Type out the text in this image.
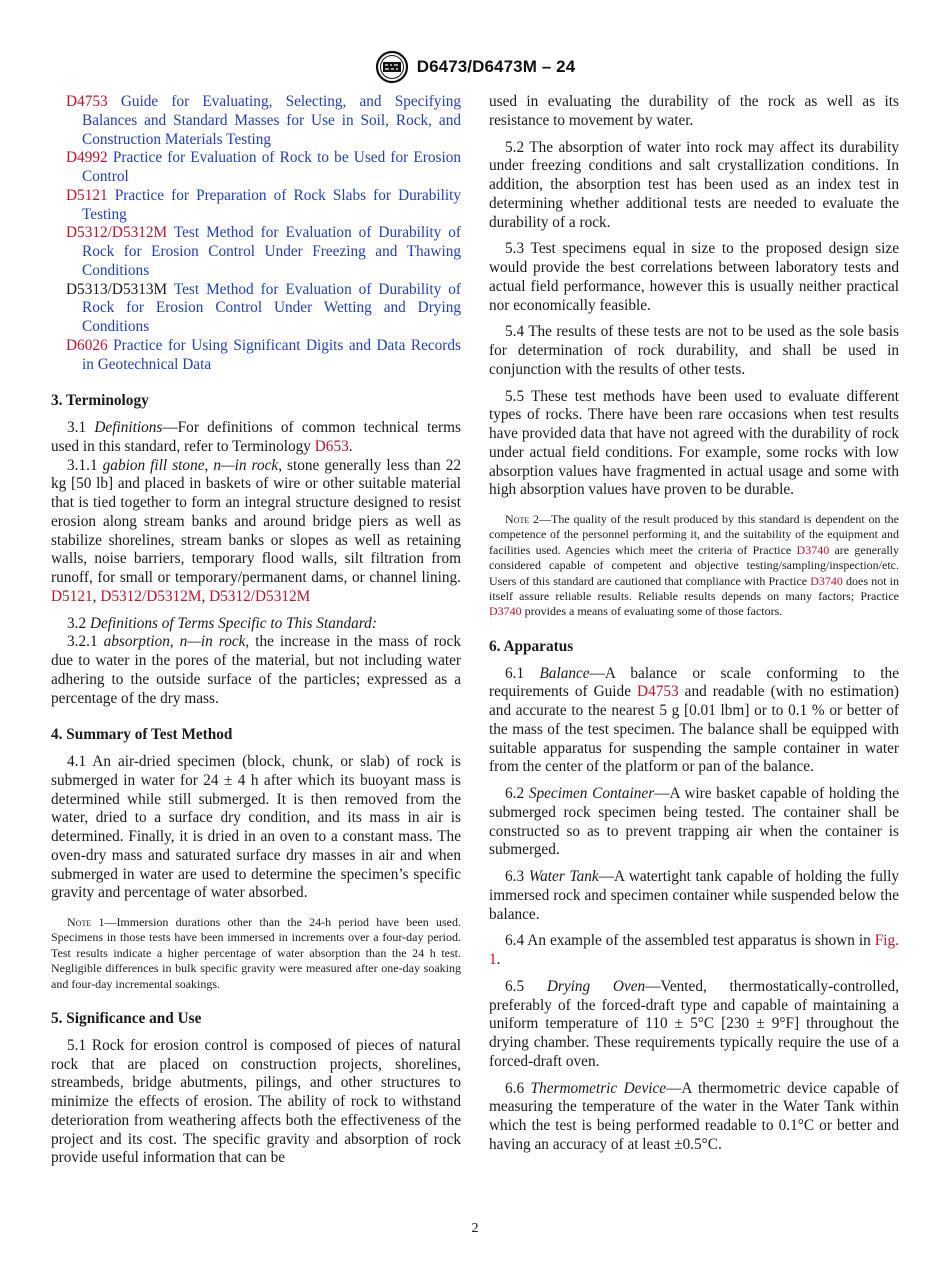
D6473/D6473M – 24

D4753 Guide for Evaluating, Selecting, and Specifying Balances and Standard Masses for Use in Soil, Rock, and Construction Materials Testing

D4992 Practice for Evaluation of Rock to be Used for Erosion Control

D5121 Practice for Preparation of Rock Slabs for Durability Testing

D5312/D5312M Test Method for Evaluation of Durability of Rock for Erosion Control Under Freezing and Thawing Conditions

D5313/D5313M Test Method for Evaluation of Durability of Rock for Erosion Control Under Wetting and Drying Conditions

D6026 Practice for Using Significant Digits and Data Records in Geotechnical Data

3. Terminology

3.1 Definitions—For definitions of common technical terms used in this standard, refer to Terminology D653.

3.1.1 gabion fill stone, n—in rock, stone generally less than 22 kg [50 lb] and placed in baskets of wire or other suitable material that is tied together to form an integral structure designed to resist erosion along stream banks and around bridge piers as well as stabilize shorelines, stream banks or slopes as well as retaining walls, noise barriers, temporary flood walls, silt filtration from runoff, for small or temporary/permanent dams, or channel lining. D5121, D5312/D5312M, D5312/D5312M

3.2 Definitions of Terms Specific to This Standard:

3.2.1 absorption, n—in rock, the increase in the mass of rock due to water in the pores of the material, but not including water adhering to the outside surface of the particles; expressed as a percentage of the dry mass.

4. Summary of Test Method

4.1 An air-dried specimen (block, chunk, or slab) of rock is submerged in water for 24 ± 4 h after which its buoyant mass is determined while still submerged. It is then removed from the water, dried to a surface dry condition, and its mass in air is determined. Finally, it is dried in an oven to a constant mass. The oven-dry mass and saturated surface dry masses in air and when submerged in water are used to determine the specimen’s specific gravity and percentage of water absorbed.

Note 1—Immersion durations other than the 24-h period have been used. Specimens in those tests have been immersed in increments over a four-day period. Test results indicate a higher percentage of water absorption than the 24 h test. Negligible differences in bulk specific gravity were measured after one-day soaking and four-day incremental soakings.

5. Significance and Use

5.1 Rock for erosion control is composed of pieces of natural rock that are placed on construction projects, shorelines, streambeds, bridge abutments, pilings, and other structures to minimize the effects of erosion. The ability of rock to withstand deterioration from weathering affects both the effectiveness of the project and its cost. The specific gravity and absorption of rock provide useful information that can be

used in evaluating the durability of the rock as well as its resistance to movement by water.

5.2 The absorption of water into rock may affect its durability under freezing conditions and salt crystallization conditions. In addition, the absorption test has been used as an index test in determining whether additional tests are needed to evaluate the durability of a rock.

5.3 Test specimens equal in size to the proposed design size would provide the best correlations between laboratory tests and actual field performance, however this is usually neither practical nor economically feasible.

5.4 The results of these tests are not to be used as the sole basis for determination of rock durability, and shall be used in conjunction with the results of other tests.

5.5 These test methods have been used to evaluate different types of rocks. There have been rare occasions when test results have provided data that have not agreed with the durability of rock under actual field conditions. For example, some rocks with low absorption values have fragmented in actual usage and some with high absorption values have proven to be durable.

Note 2—The quality of the result produced by this standard is dependent on the competence of the personnel performing it, and the suitability of the equipment and facilities used. Agencies which meet the criteria of Practice D3740 are generally considered capable of competent and objective testing/sampling/inspection/etc. Users of this standard are cautioned that compliance with Practice D3740 does not in itself assure reliable results. Reliable results depends on many factors; Practice D3740 provides a means of evaluating some of those factors.

6. Apparatus

6.1 Balance—A balance or scale conforming to the requirements of Guide D4753 and readable (with no estimation) and accurate to the nearest 5 g [0.01 lbm] or to 0.1 % or better of the mass of the test specimen. The balance shall be equipped with suitable apparatus for suspending the sample container in water from the center of the platform or pan of the balance.

6.2 Specimen Container—A wire basket capable of holding the submerged rock specimen being tested. The container shall be constructed so as to prevent trapping air when the container is submerged.

6.3 Water Tank—A watertight tank capable of holding the fully immersed rock and specimen container while suspended below the balance.

6.4 An example of the assembled test apparatus is shown in Fig. 1.

6.5 Drying Oven—Vented, thermostatically-controlled, preferably of the forced-draft type and capable of maintaining a uniform temperature of 110 ± 5°C [230 ± 9°F] throughout the drying chamber. These requirements typically require the use of a forced-draft oven.

6.6 Thermometric Device—A thermometric device capable of measuring the temperature of the water in the Water Tank within which the test is being performed readable to 0.1°C or better and having an accuracy of at least ±0.5°C.

2
